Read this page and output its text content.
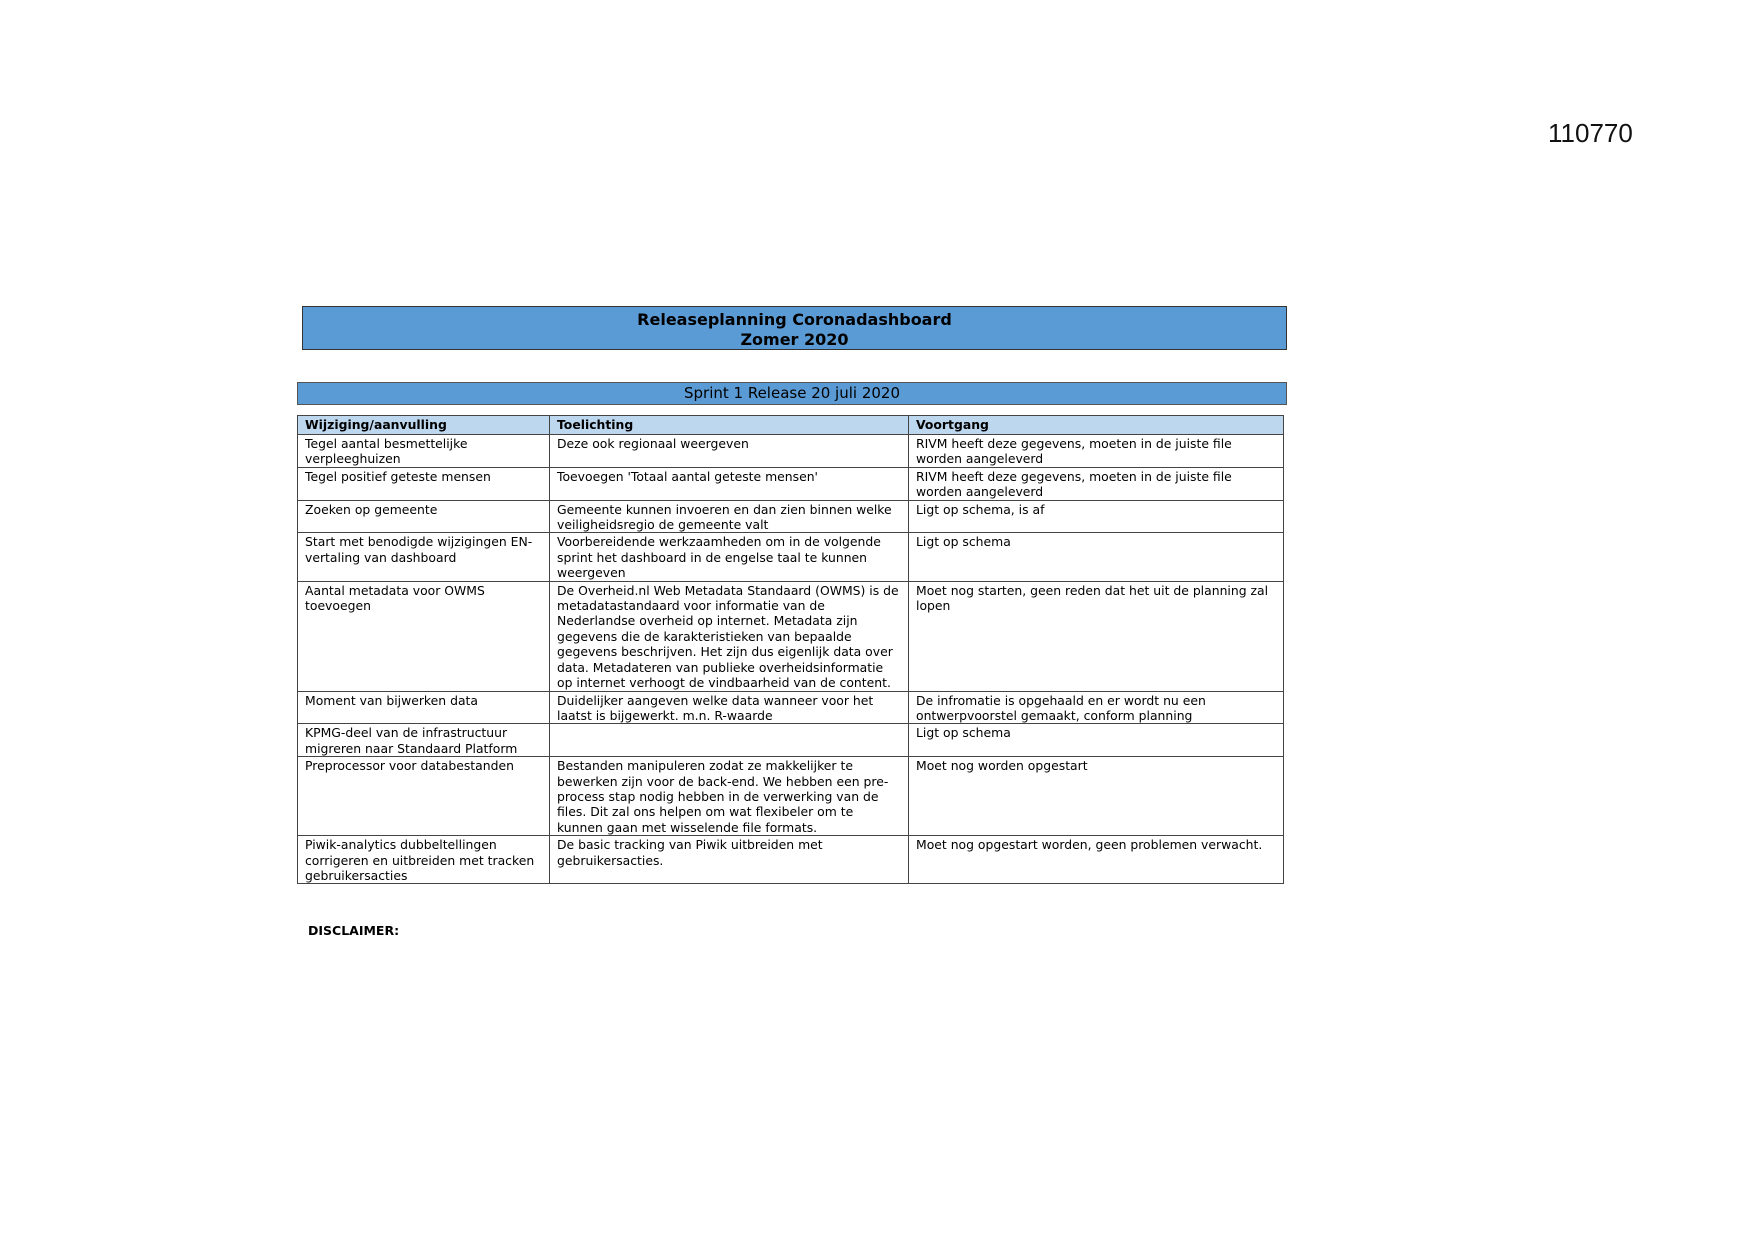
110770
Releaseplanning Coronadashboard
Zomer 2020
Sprint 1 Release 20 juli 2020
Wijziging/aanvulling	Toelichting	Voortgang
Tegel aantal besmettelijke verpleeghuizen	Deze ook regionaal weergeven	RIVM heeft deze gegevens, moeten in de juiste file worden aangeleverd
Tegel positief geteste mensen	Toevoegen 'Totaal aantal geteste mensen'	RIVM heeft deze gegevens, moeten in de juiste file worden aangeleverd
Zoeken op gemeente	Gemeente kunnen invoeren en dan zien binnen welke veiligheidsregio de gemeente valt	Ligt op schema, is af
Start met benodigde wijzigingen EN-vertaling van dashboard	Voorbereidende werkzaamheden om in de volgende sprint het dashboard in de engelse taal te kunnen weergeven	Ligt op schema
Aantal metadata voor OWMS toevoegen	De Overheid.nl Web Metadata Standaard (OWMS) is de metadatastandaard voor informatie van de Nederlandse overheid op internet. Metadata zijn gegevens die de karakteristieken van bepaalde gegevens beschrijven. Het zijn dus eigenlijk data over data. Metadateren van publieke overheidsinformatie op internet verhoogt de vindbaarheid van de content.	Moet nog starten, geen reden dat het uit de planning zal lopen
Moment van bijwerken data	Duidelijker aangeven welke data wanneer voor het laatst is bijgewerkt. m.n. R-waarde	De infromatie is opgehaald en er wordt nu een ontwerpvoorstel gemaakt, conform planning
KPMG-deel van de infrastructuur migreren naar Standaard Platform		Ligt op schema
Preprocessor voor databestanden	Bestanden manipuleren zodat ze makkelijker te bewerken zijn voor de back-end. We hebben een pre-process stap nodig hebben in de verwerking van de files. Dit zal ons helpen om wat flexibeler om te kunnen gaan met wisselende file formats.	Moet nog worden opgestart
Piwik-analytics dubbeltellingen corrigeren en uitbreiden met tracken gebruikersacties	De basic tracking van Piwik uitbreiden met gebruikersacties.	Moet nog opgestart worden, geen problemen verwacht.
DISCLAIMER:
